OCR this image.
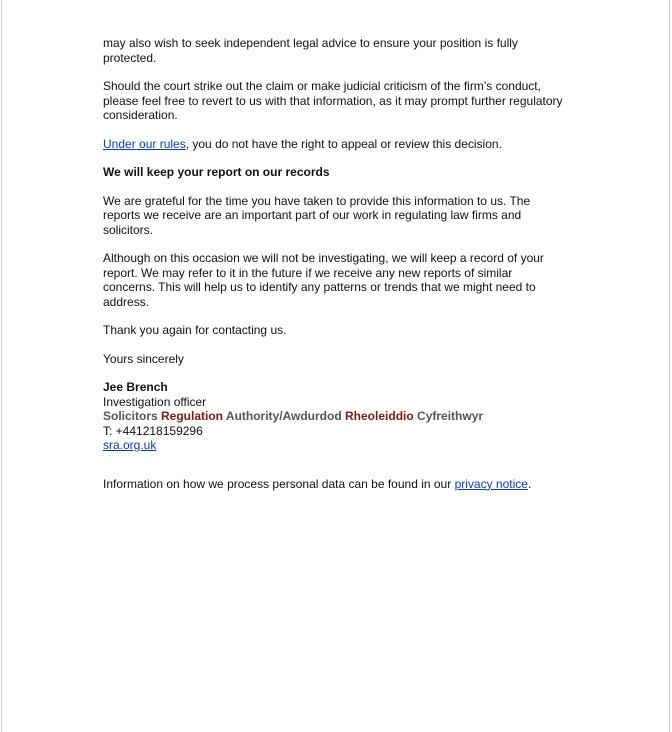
may also wish to seek independent legal advice to ensure your position is fully protected.

Should the court strike out the claim or make judicial criticism of the firm’s conduct, please feel free to revert to us with that information, as it may prompt further regulatory consideration.

Under our rules, you do not have the right to appeal or review this decision.

We will keep your report on our records

We are grateful for the time you have taken to provide this information to us. The reports we receive are an important part of our work in regulating law firms and solicitors.

Although on this occasion we will not be investigating, we will keep a record of your report. We may refer to it in the future if we receive any new reports of similar concerns. This will help us to identify any patterns or trends that we might need to address.

Thank you again for contacting us.

Yours sincerely

Jee Brench
Investigation officer
Solicitors Regulation Authority/Awdurdod Rheoleiddio Cyfreithwyr
T: +441218159296
sra.org.uk

Information on how we process personal data can be found in our privacy notice.
